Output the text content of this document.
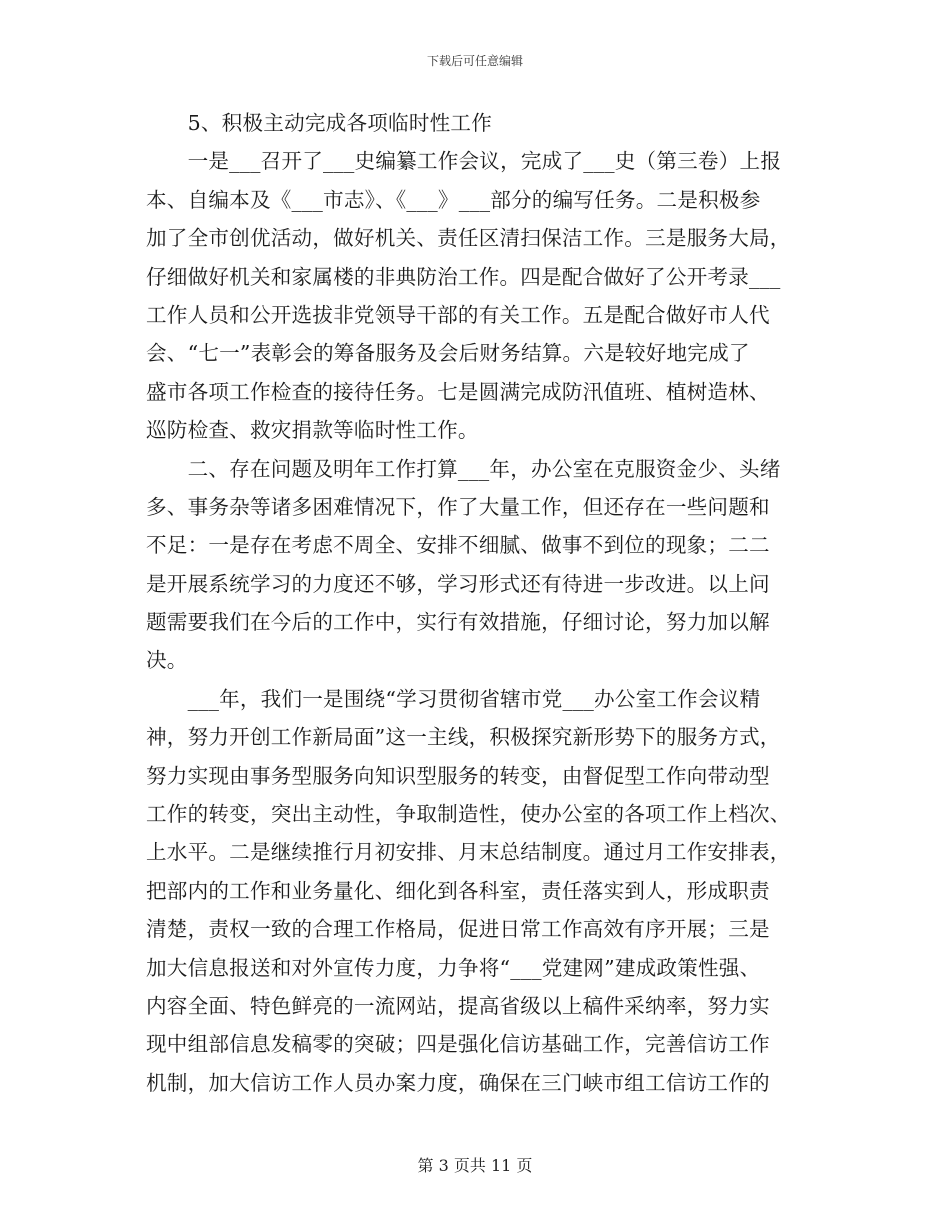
下载后可任意编辑
　　5、积极主动完成各项临时性工作
　　一是___召开了___史编纂工作会议，完成了___史（第三卷）上报
本、自编本及《___市志》、《___》___部分的编写任务。二是积极参
加了全市创优活动，做好机关、责任区清扫保洁工作。三是服务大局，
仔细做好机关和家属楼的非典防治工作。四是配合做好了公开考录___
工作人员和公开选拔非党领导干部的有关工作。五是配合做好市人代
会、“七一”表彰会的筹备服务及会后财务结算。六是较好地完成了
盛市各项工作检查的接待任务。七是圆满完成防汛值班、植树造林、
巡防检查、救灾捐款等临时性工作。
　　二、存在问题及明年工作打算___年，办公室在克服资金少、头绪
多、事务杂等诸多困难情况下，作了大量工作，但还存在一些问题和
不足：一是存在考虑不周全、安排不细腻、做事不到位的现象；二二
是开展系统学习的力度还不够，学习形式还有待进一步改进。以上问
题需要我们在今后的工作中，实行有效措施，仔细讨论，努力加以解
决。
　　___年，我们一是围绕“学习贯彻省辖市党___办公室工作会议精
神，努力开创工作新局面”这一主线，积极探究新形势下的服务方式，
努力实现由事务型服务向知识型服务的转变，由督促型工作向带动型
工作的转变，突出主动性，争取制造性，使办公室的各项工作上档次、
上水平。二是继续推行月初安排、月末总结制度。通过月工作安排表，
把部内的工作和业务量化、细化到各科室，责任落实到人，形成职责
清楚，责权一致的合理工作格局，促进日常工作高效有序开展；三是
加大信息报送和对外宣传力度，力争将“___党建网”建成政策性强、
内容全面、特色鲜亮的一流网站，提高省级以上稿件采纳率，努力实
现中组部信息发稿零的突破；四是强化信访基础工作，完善信访工作
机制，加大信访工作人员办案力度，确保在三门峡市组工信访工作的
第 3 页共 11 页
